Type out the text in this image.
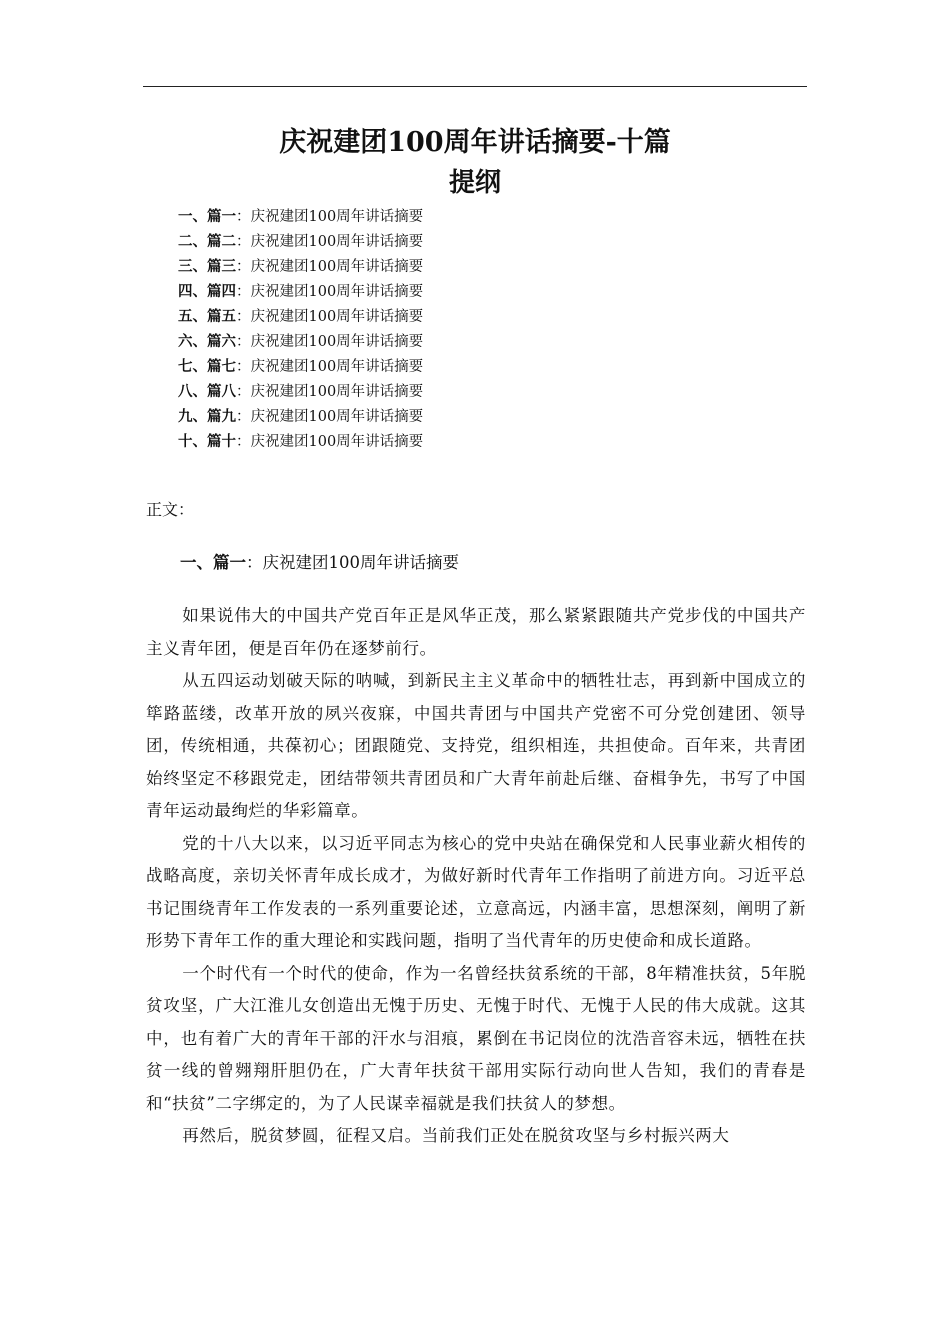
庆祝建团100周年讲话摘要-十篇
提纲
一、篇一：庆祝建团100周年讲话摘要
二、篇二：庆祝建团100周年讲话摘要
三、篇三：庆祝建团100周年讲话摘要
四、篇四：庆祝建团100周年讲话摘要
五、篇五：庆祝建团100周年讲话摘要
六、篇六：庆祝建团100周年讲话摘要
七、篇七：庆祝建团100周年讲话摘要
八、篇八：庆祝建团100周年讲话摘要
九、篇九：庆祝建团100周年讲话摘要
十、篇十：庆祝建团100周年讲话摘要
正文：
一、篇一：庆祝建团100周年讲话摘要

如果说伟大的中国共产党百年正是风华正茂，那么紧紧跟随共产党步伐的中国共产主义青年团，便是百年仍在逐梦前行。

从五四运动划破天际的呐喊，到新民主主义革命中的牺牲壮志，再到新中国成立的筚路蓝缕，改革开放的夙兴夜寐，中国共青团与中国共产党密不可分党创建团、领导团，传统相通，共葆初心；团跟随党、支持党，组织相连，共担使命。百年来，共青团始终坚定不移跟党走，团结带领共青团员和广大青年前赴后继、奋楫争先，书写了中国青年运动最绚烂的华彩篇章。

党的十八大以来，以习近平同志为核心的党中央站在确保党和人民事业薪火相传的战略高度，亲切关怀青年成长成才，为做好新时代青年工作指明了前进方向。习近平总书记围绕青年工作发表的一系列重要论述，立意高远，内涵丰富，思想深刻，阐明了新形势下青年工作的重大理论和实践问题，指明了当代青年的历史使命和成长道路。

一个时代有一个时代的使命，作为一名曾经扶贫系统的干部，8年精准扶贫，5年脱贫攻坚，广大江淮儿女创造出无愧于历史、无愧于时代、无愧于人民的伟大成就。这其中，也有着广大的青年干部的汗水与泪痕，累倒在书记岗位的沈浩音容未远，牺牲在扶贫一线的曾翙翔肝胆仍在，广大青年扶贫干部用实际行动向世人告知，我们的青春是和“扶贫”二字绑定的，为了人民谋幸福就是我们扶贫人的梦想。

再然后，脱贫梦圆，征程又启。当前我们正处在脱贫攻坚与乡村振兴两大
